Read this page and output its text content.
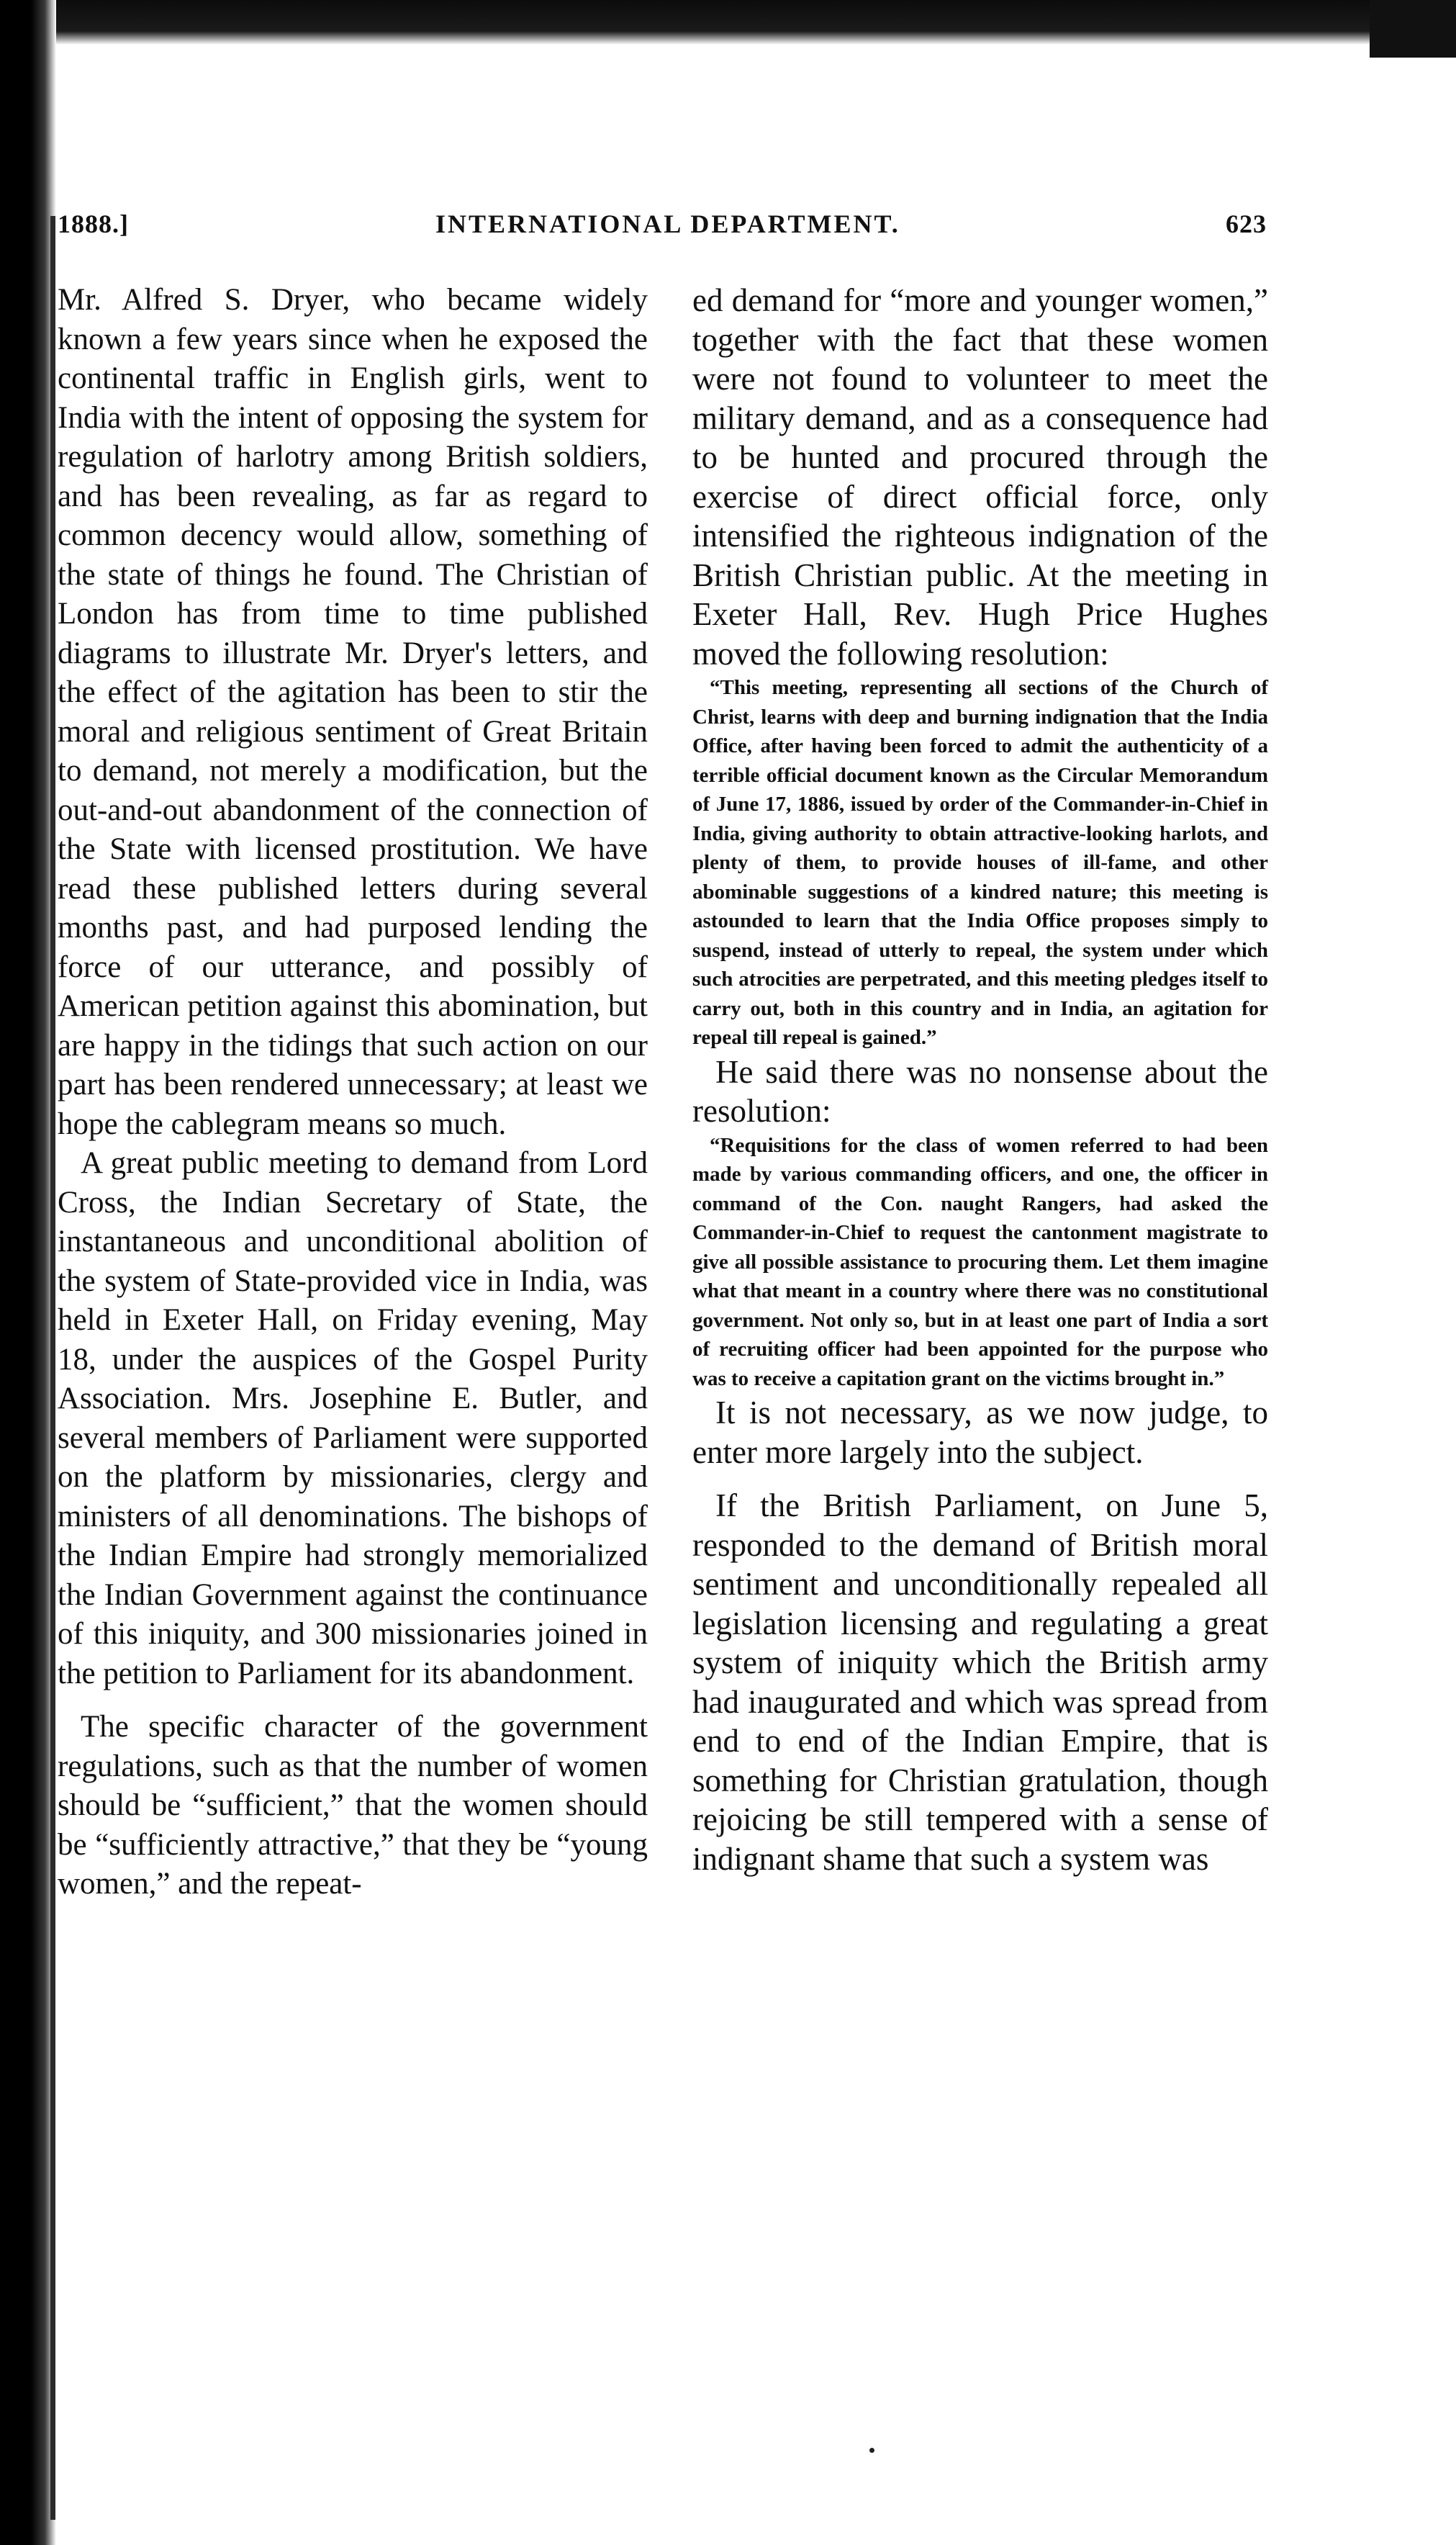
1888.]	INTERNATIONAL DEPARTMENT.	623

Mr. Alfred S. Dryer, who became widely known a few years since when he exposed the continental traffic in English girls, went to India with the intent of opposing the system for regulation of harlotry among British soldiers, and has been revealing, as far as regard to common decency would allow, something of the state of things he found. The Christian of London has from time to time published diagrams to illustrate Mr. Dryer's letters, and the effect of the agitation has been to stir the moral and religious sentiment of Great Britain to demand, not merely a modification, but the out-and-out abandonment of the connection of the State with licensed prostitution. We have read these published letters during several months past, and had purposed lending the force of our utterance, and possibly of American petition against this abomination, but are happy in the tidings that such action on our part has been rendered unnecessary; at least we hope the cablegram means so much.

A great public meeting to demand from Lord Cross, the Indian Secretary of State, the instantaneous and unconditional abolition of the system of State-provided vice in India, was held in Exeter Hall, on Friday evening, May 18, under the auspices of the Gospel Purity Association. Mrs. Josephine E. Butler, and several members of Parliament were supported on the platform by missionaries, clergy and ministers of all denominations. The bishops of the Indian Empire had strongly memorialized the Indian Government against the continuance of this iniquity, and 300 missionaries joined in the petition to Parliament for its abandonment.

The specific character of the government regulations, such as that the number of women should be “sufficient,” that the women should be “sufficiently attractive,” that they be “young women,” and the repeat-

ed demand for “more and younger women,” together with the fact that these women were not found to volunteer to meet the military demand, and as a consequence had to be hunted and procured through the exercise of direct official force, only intensified the righteous indignation of the British Christian public. At the meeting in Exeter Hall, Rev. Hugh Price Hughes moved the following resolution:

“This meeting, representing all sections of the Church of Christ, learns with deep and burning indignation that the India Office, after having been forced to admit the authenticity of a terrible official document known as the Circular Memorandum of June 17, 1886, issued by order of the Commander-in-Chief in India, giving authority to obtain attractive-looking harlots, and plenty of them, to provide houses of ill-fame, and other abominable suggestions of a kindred nature; this meeting is astounded to learn that the India Office proposes simply to suspend, instead of utterly to repeal, the system under which such atrocities are perpetrated, and this meeting pledges itself to carry out, both in this country and in India, an agitation for repeal till repeal is gained.”

He said there was no nonsense about the resolution:

“Requisitions for the class of women referred to had been made by various commanding officers, and one, the officer in command of the Con. naught Rangers, had asked the Commander-in-Chief to request the cantonment magistrate to give all possible assistance to procuring them. Let them imagine what that meant in a country where there was no constitutional government. Not only so, but in at least one part of India a sort of recruiting officer had been appointed for the purpose who was to receive a capitation grant on the victims brought in.”

It is not necessary, as we now judge, to enter more largely into the subject.

If the British Parliament, on June 5, responded to the demand of British moral sentiment and unconditionally repealed all legislation licensing and regulating a great system of iniquity which the British army had inaugurated and which was spread from end to end of the Indian Empire, that is something for Christian gratulation, though rejoicing be still tempered with a sense of indignant shame that such a system was
